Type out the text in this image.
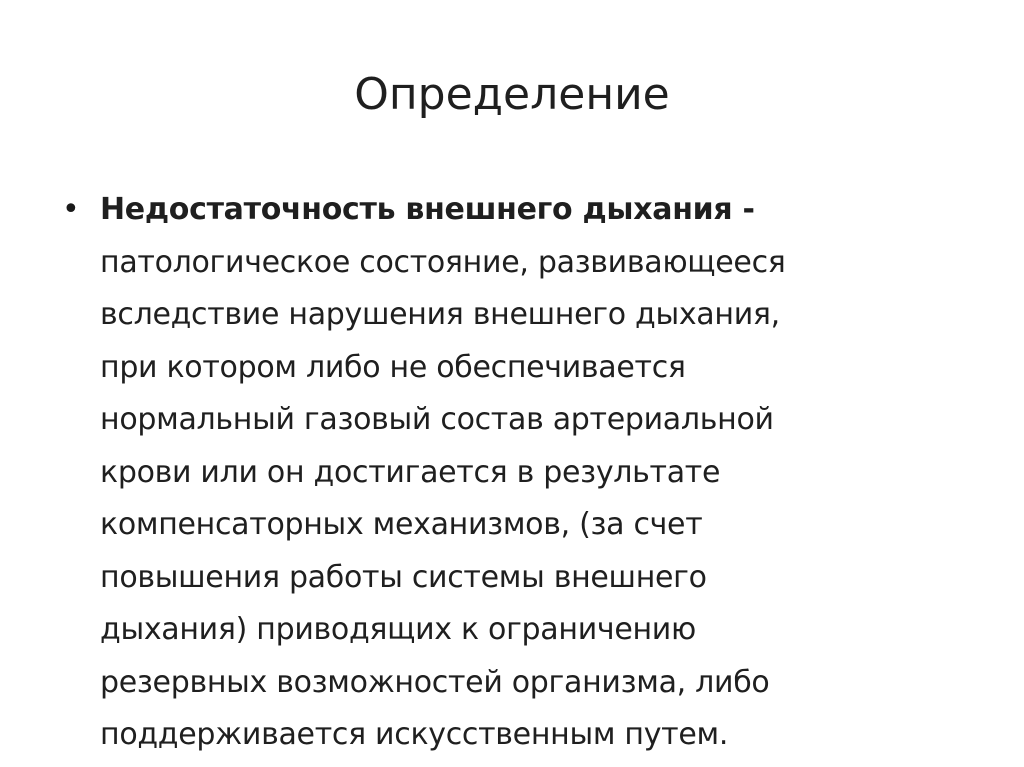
Определение
• Недостаточность внешнего дыхания -
патологическое состояние, развивающееся
вследствие нарушения внешнего дыхания,
при котором либо не обеспечивается
нормальный газовый состав артериальной
крови или он достигается в результате
компенсаторных механизмов, (за счет
повышения работы системы внешнего
дыхания) приводящих к ограничению
резервных возможностей организма, либо
поддерживается искусственным путем.
